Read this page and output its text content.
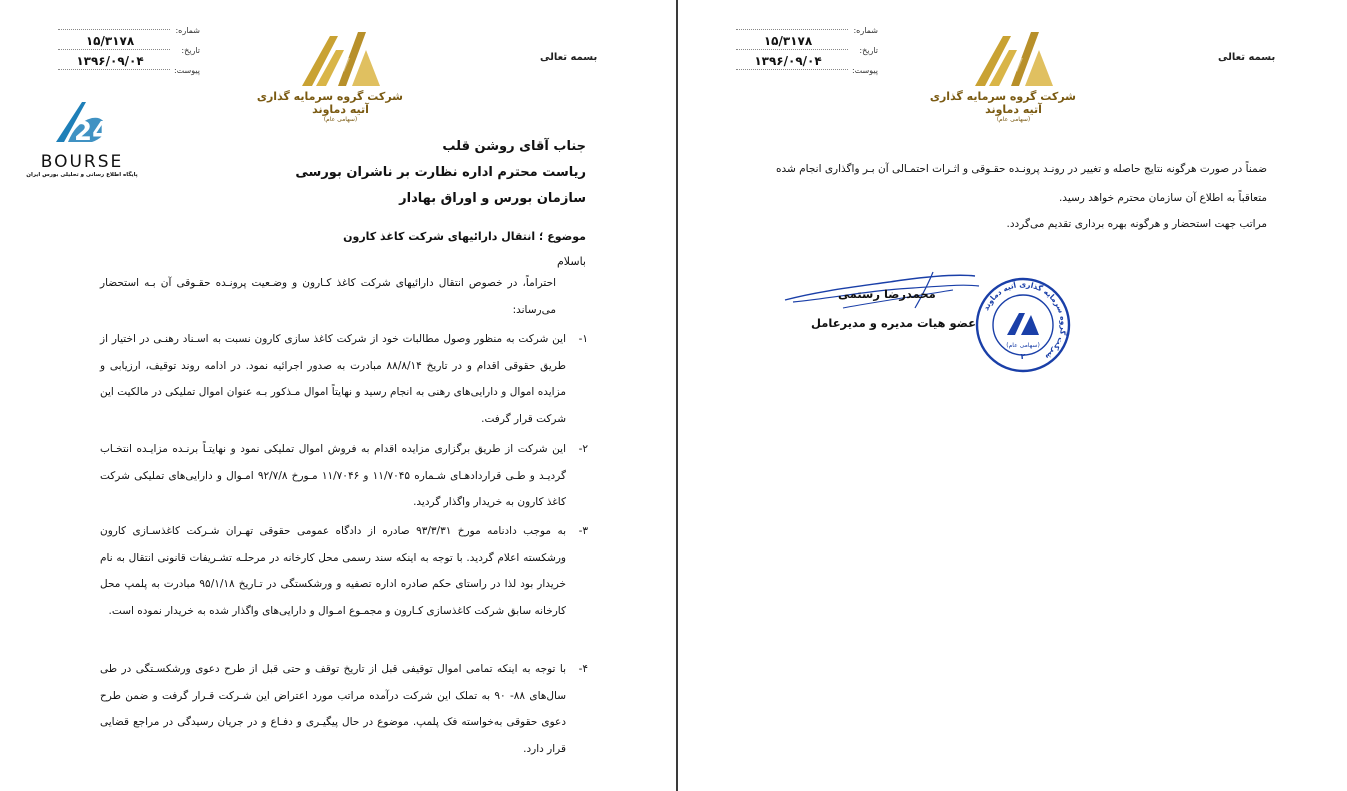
شماره:
۱۵/۳۱۷۸
تاریخ:
۱۳۹۶/۰۹/۰۴
پیوست:
شرکت گروه سرمایه گذاری
آتیه دماوند
(سهامی عام)
بسمه تعالی
24
BOURSE
پایگاه اطلاع رسانی و تحلیلی بورس ایران
جناب آقای روشن قلب
ریاست محترم اداره نظارت بر ناشران بورسی
سازمان بورس و اوراق بهادار
موضوع ؛ انتقال دارائیهای شرکت کاغذ کارون
باسلام
احتراماً، در خصوص انتقال دارائیهای شرکت کاغذ کـارون و وضـعیت پرونـده حقـوقی آن بـه استحضار می‌رساند:
۱-
این شرکت به منظور وصول مطالبات خود از شرکت کاغذ سازی کارون نسبت به اسـناد رهنـی در اختیار از طریق حقوقی اقدام و در تاریخ ۸۸/۸/۱۴ مبادرت به صدور اجرائیه نمود. در ادامه روند توقیف، ارزیابی و مزایده اموال و دارایی‌های رهنی به انجام رسید و نهایتاً اموال مـذکور بـه عنوان اموال تملیکی در مالکیت این شرکت قرار گرفت.
۲-
این شرکت از طریق برگزاری مزایده اقدام به فروش اموال تملیکی نمود و نهایتـاً برنـده مزایـده انتخـاب گردیـد و طـی قراردادهـای شـماره ۱۱/۷۰۴۵ و ۱۱/۷۰۴۶ مـورخ ۹۲/۷/۸ امـوال و دارایی‌های تملیکی شرکت کاغذ کارون به خریدار واگذار گردید.
۳-
به موجب دادنامه مورخ ۹۳/۳/۳۱ صادره از دادگاه عمومی حقوقی تهـران شـرکت کاغذسـازی کارون ورشکسته اعلام گردید. با توجه به اینکه سند رسمی محل کارخانه در مرحلـه تشـریفات قانونی انتقال به نام خریدار بود لذا در راستای حکم صادره اداره تصفیه و ورشکستگی در تـاریخ ۹۵/۱/۱۸ مبادرت به پلمپ محل کارخانه سابق شرکت کاغذسازی کـارون و مجمـوع امـوال و دارایی‌های واگذار شده به خریدار نموده است.
۴-
با توجه به اینکه تمامی اموال توقیفی قبل از تاریخ توقف و حتی قبل از طرح دعوی ورشکسـتگی در طی سال‌های ۸۸- ۹۰ به تملک این شرکت درآمده مراتب مورد اعتراض این شـرکت قـرار گرفت و ضمن طرح دعوی حقوقی به‌خواسته فک پلمپ. موضوع در حال پیگیـری و دفـاع و در جریان رسیدگی در مراجع قضایی قرار دارد.
شماره:
۱۵/۳۱۷۸
تاریخ:
۱۳۹۶/۰۹/۰۴
پیوست:
شرکت گروه سرمایه گذاری
آتیه دماوند
(سهامی عام)
بسمه تعالی
ضمناً در صورت هرگونه نتایج حاصله و تغییر در رونـد پرونـده حقـوقی و اثـرات احتمـالی آن بـر واگذاری انجام شده متعاقباً به اطلاع آن سازمان محترم خواهد رسید.
مراتب جهت استحضار و هرگونه بهره برداری تقدیم می‌گردد.
محمدرضا رستمی
عضو هیات مدیره و مدیرعامل
شرکت گروه سرمایه گذاری آتیه دماوند
(سهامی عام)
۲
